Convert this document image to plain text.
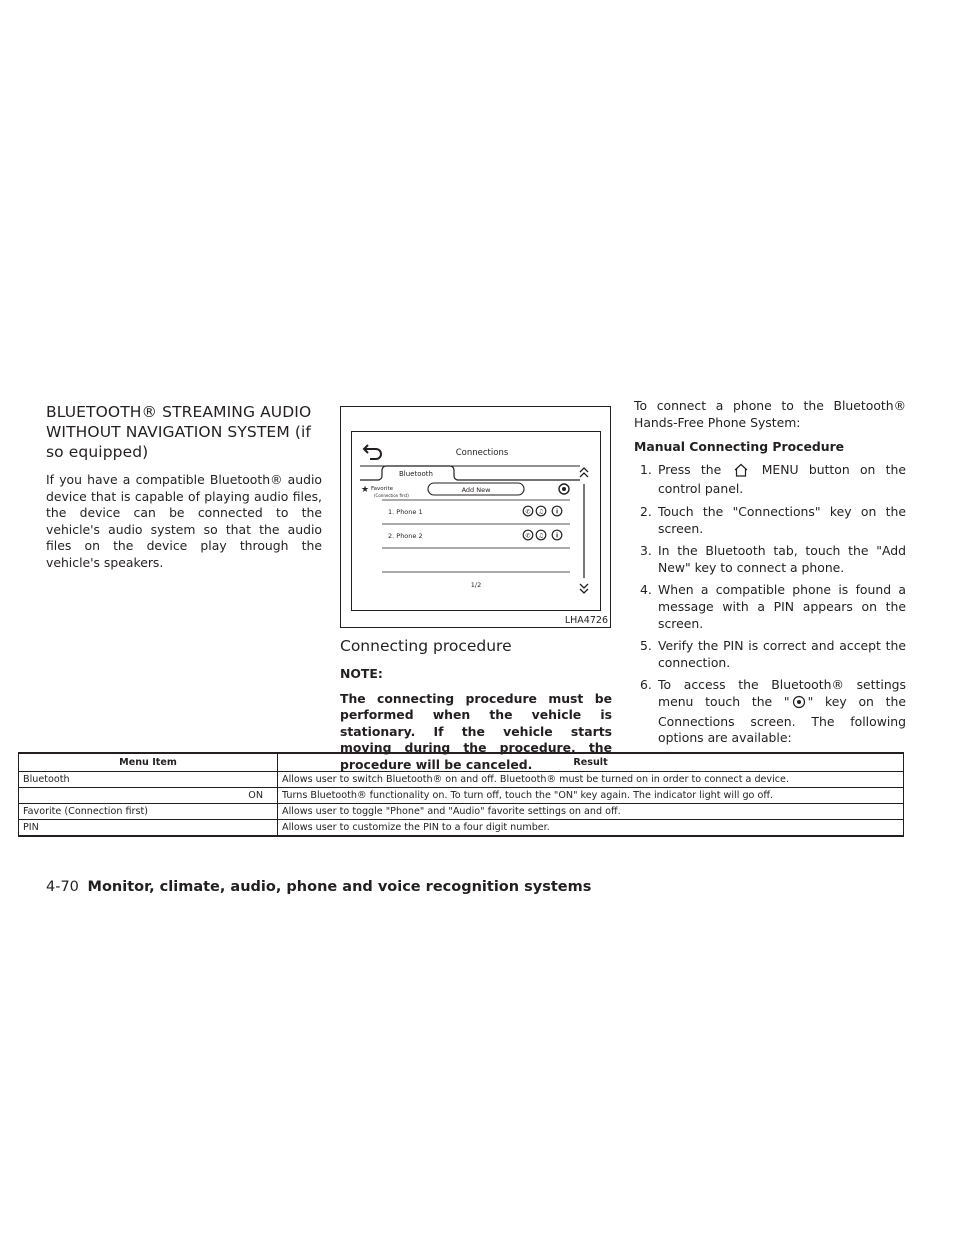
BLUETOOTH® STREAMING AUDIO
WITHOUT NAVIGATION SYSTEM (if
so equipped)

If you have a compatible Bluetooth® audio device that is capable of playing audio files, the device can be connected to the vehicle's audio system so that the audio files on the device play through the vehicle's speakers.

Connections
Bluetooth
★ Favorite
(Connection first)
Add New
1. Phone 1	✆ ♫ i
2. Phone 2	✆ ♫ i
1/2
LHA4726
Connecting procedure

NOTE:

The connecting procedure must be performed when the vehicle is stationary. If the vehicle starts moving during the procedure, the procedure will be canceled.

To connect a phone to the Bluetooth® Hands-Free Phone System:

Manual Connecting Procedure

1. Press the	MENU button on the control panel.
2. Touch the "Connections" key on the screen.
3. In the Bluetooth tab, touch the "Add New" key to connect a phone.
4. When a compatible phone is found a message with a PIN appears on the screen.
5. Verify the PIN is correct and accept the connection.
6. To access the Bluetooth® settings menu touch the " " key on the Connections screen. The following options are available:
Menu Item	Result
Bluetooth	Allows user to switch Bluetooth® on and off. Bluetooth® must be turned on in order to connect a device.
ON	Turns Bluetooth® functionality on. To turn off, touch the "ON" key again. The indicator light will go off.
Favorite (Connection first)	Allows user to toggle "Phone" and "Audio" favorite settings on and off.
PIN	Allows user to customize the PIN to a four digit number.
4-70 Monitor, climate, audio, phone and voice recognition systems
